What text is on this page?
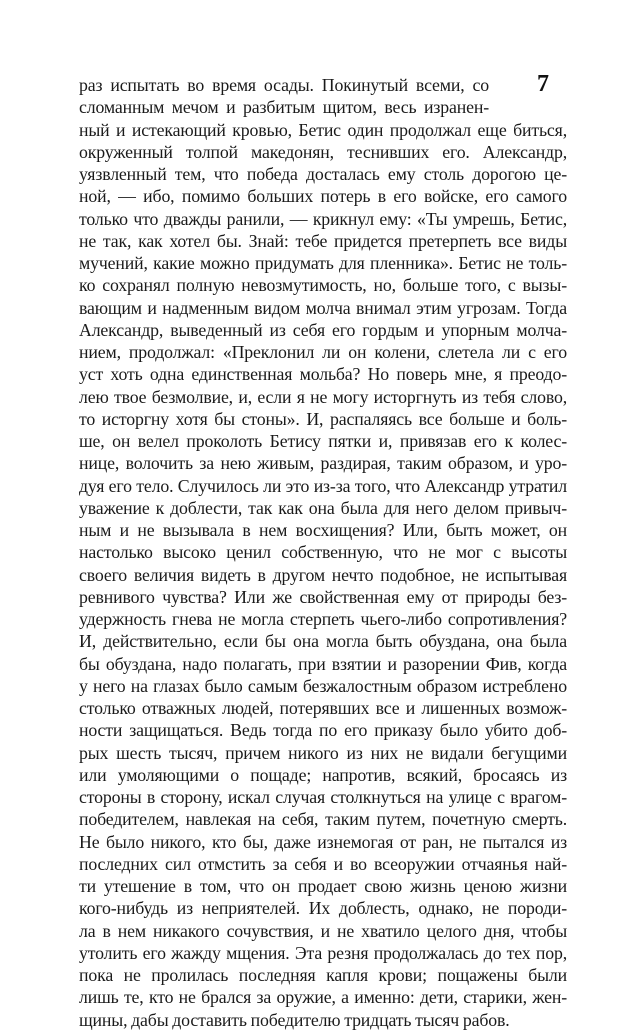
7
раз испытать во время осады. Покинутый всеми, со
сломанным мечом и разбитым щитом, весь изранен-
ный и истекающий кровью, Бетис один продолжал еще биться,
окруженный толпой македонян, теснивших его. Александр,
уязвленный тем, что победа досталась ему столь дорогою це-
ной, — ибо, помимо больших потерь в его войске, его самого
только что дважды ранили, — крикнул ему: «Ты умрешь, Бетис,
не так, как хотел бы. Знай: тебе придется претерпеть все виды
мучений, какие можно придумать для пленника». Бетис не толь-
ко сохранял полную невозмутимость, но, больше того, с вызы-
вающим и надменным видом молча внимал этим угрозам. Тогда
Александр, выведенный из себя его гордым и упорным молча-
нием, продолжал: «Преклонил ли он колени, слетела ли с его
уст хоть одна единственная мольба? Но поверь мне, я преодо-
лею твое безмолвие, и, если я не могу исторгнуть из тебя слово,
то исторгну хотя бы стоны». И, распаляясь все больше и боль-
ше, он велел проколоть Бетису пятки и, привязав его к колес-
нице, волочить за нею живым, раздирая, таким образом, и уро-
дуя его тело. Случилось ли это из-за того, что Александр утратил
уважение к доблести, так как она была для него делом привыч-
ным и не вызывала в нем восхищения? Или, быть может, он
настолько высоко ценил собственную, что не мог с высоты
своего величия видеть в другом нечто подобное, не испытывая
ревнивого чувства? Или же свойственная ему от природы без-
удержность гнева не могла стерпеть чьего-либо сопротивления?
И, действительно, если бы она могла быть обуздана, она была
бы обуздана, надо полагать, при взятии и разорении Фив, когда
у него на глазах было самым безжалостным образом истреблено
столько отважных людей, потерявших все и лишенных возмож-
ности защищаться. Ведь тогда по его приказу было убито доб-
рых шесть тысяч, причем никого из них не видали бегущими
или умоляющими о пощаде; напротив, всякий, бросаясь из
стороны в сторону, искал случая столкнуться на улице с врагом-
победителем, навлекая на себя, таким путем, почетную смерть.
Не было никого, кто бы, даже изнемогая от ран, не пытался из
последних сил отмстить за себя и во всеоружии отчаянья най-
ти утешение в том, что он продает свою жизнь ценою жизни
кого-нибудь из неприятелей. Их доблесть, однако, не породи-
ла в нем никакого сочувствия, и не хватило целого дня, чтобы
утолить его жажду мщения. Эта резня продолжалась до тех пор,
пока не пролилась последняя капля крови; пощажены были
лишь те, кто не брался за оружие, а именно: дети, старики, жен-
щины, дабы доставить победителю тридцать тысяч рабов.
